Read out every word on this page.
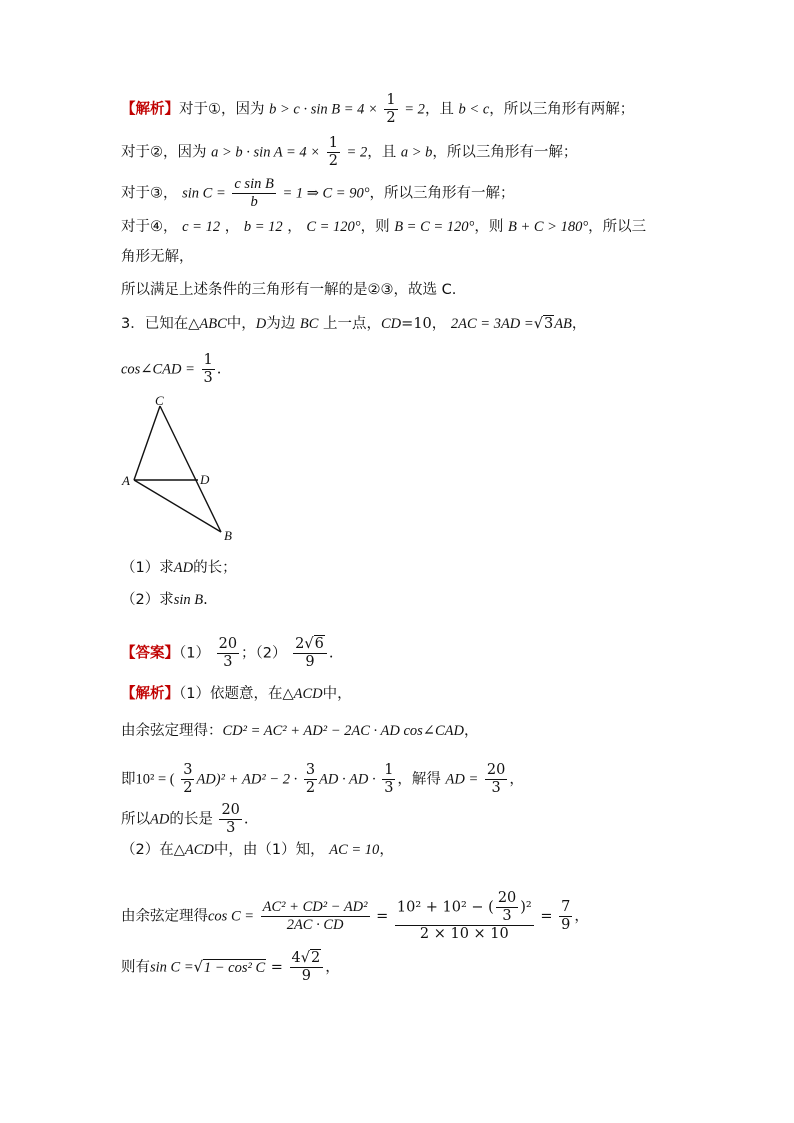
【解析】对于①，因为 $b > c \cdot \sin B = 4 \times \frac{1}{2} = 2$，且 b < c，所以三角形有两解；
对于②，因为 $a > b \cdot \sin A = 4 \times \frac{1}{2} = 2$，且 a > b，所以三角形有一解；
对于③， $\sin C = \frac{\text{c sin B}}{b} = 1$ ⇒ C = 90°，所以三角形有一解；
对于④， c = 12 ， b = 12 ， C = 120°，则 B = C = 120°，则 B + C > 180°，所以三
角形无解，
所以满足上述条件的三角形有一解的是②③，故选 C.
3．已知在△ABC中，D为边 BC 上一点，CD=10， 2AC = 3AD =√3AB，
cos∠CAD = $\frac{1}{3}$ .
C
A	D
B
（1）求AD的长；
（2）求sin B.
【答案】$(1) \frac{20}{3}$ ；$(2) \frac{2√6}{9}$ .
【解析】（1）依题意，在△ACD中，
由余弦定理得：CD² = AC² + AD² − 2AC · AD cos∠CAD，
即10² = ( $\frac{3}{2} AD)^2 + AD^2 - 2 \cdot \frac{3}{2}$ AD · AD · $\frac{1}{3}$ ，解得 AD = $\frac{20}{3}$ ，
所以AD的长是 $\frac{20}{3}$ .
（2）在△ACD中，由（1）知， AC = 10，
由余弦定理得$\cos C = \frac{\text{AC² + CD² − AD²}}{2AC \cdot CD} = \frac{10^2 + 10^2 - ( \frac{20}{3} )^2}{2 \times 10 \times 10} = \frac{7}{9}$ ，
则有sin C =√1 − cos² $C = \frac{4√2}{9}$ ，
